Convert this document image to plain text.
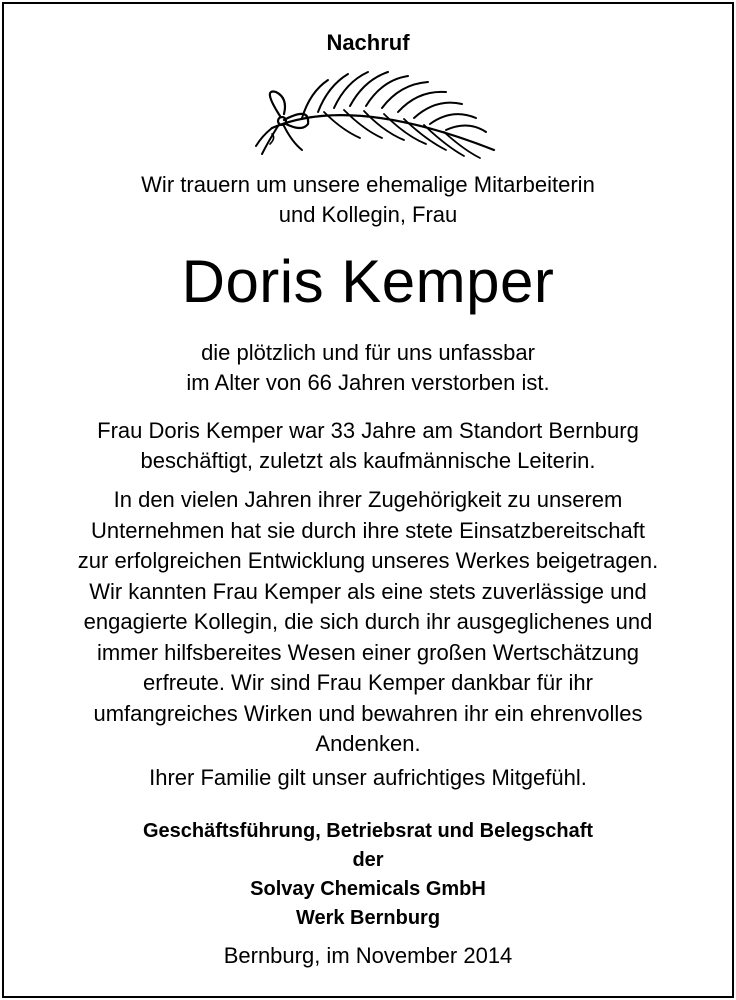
Nachruf
Wir trauern um unsere ehemalige Mitarbeiterin
und Kollegin, Frau
Doris Kemper
die plötzlich und für uns unfassbar
im Alter von 66 Jahren verstorben ist.
Frau Doris Kemper war 33 Jahre am Standort Bernburg
beschäftigt, zuletzt als kaufmännische Leiterin.
In den vielen Jahren ihrer Zugehörigkeit zu unserem
Unternehmen hat sie durch ihre stete Einsatzbereitschaft
zur erfolgreichen Entwicklung unseres Werkes beigetragen.
Wir kannten Frau Kemper als eine stets zuverlässige und
engagierte Kollegin, die sich durch ihr ausgeglichenes und
immer hilfsbereites Wesen einer großen Wertschätzung
erfreute. Wir sind Frau Kemper dankbar für ihr
umfangreiches Wirken und bewahren ihr ein ehrenvolles
Andenken.
Ihrer Familie gilt unser aufrichtiges Mitgefühl.
Geschäftsführung, Betriebsrat und Belegschaft
der
Solvay Chemicals GmbH
Werk Bernburg
Bernburg, im November 2014
